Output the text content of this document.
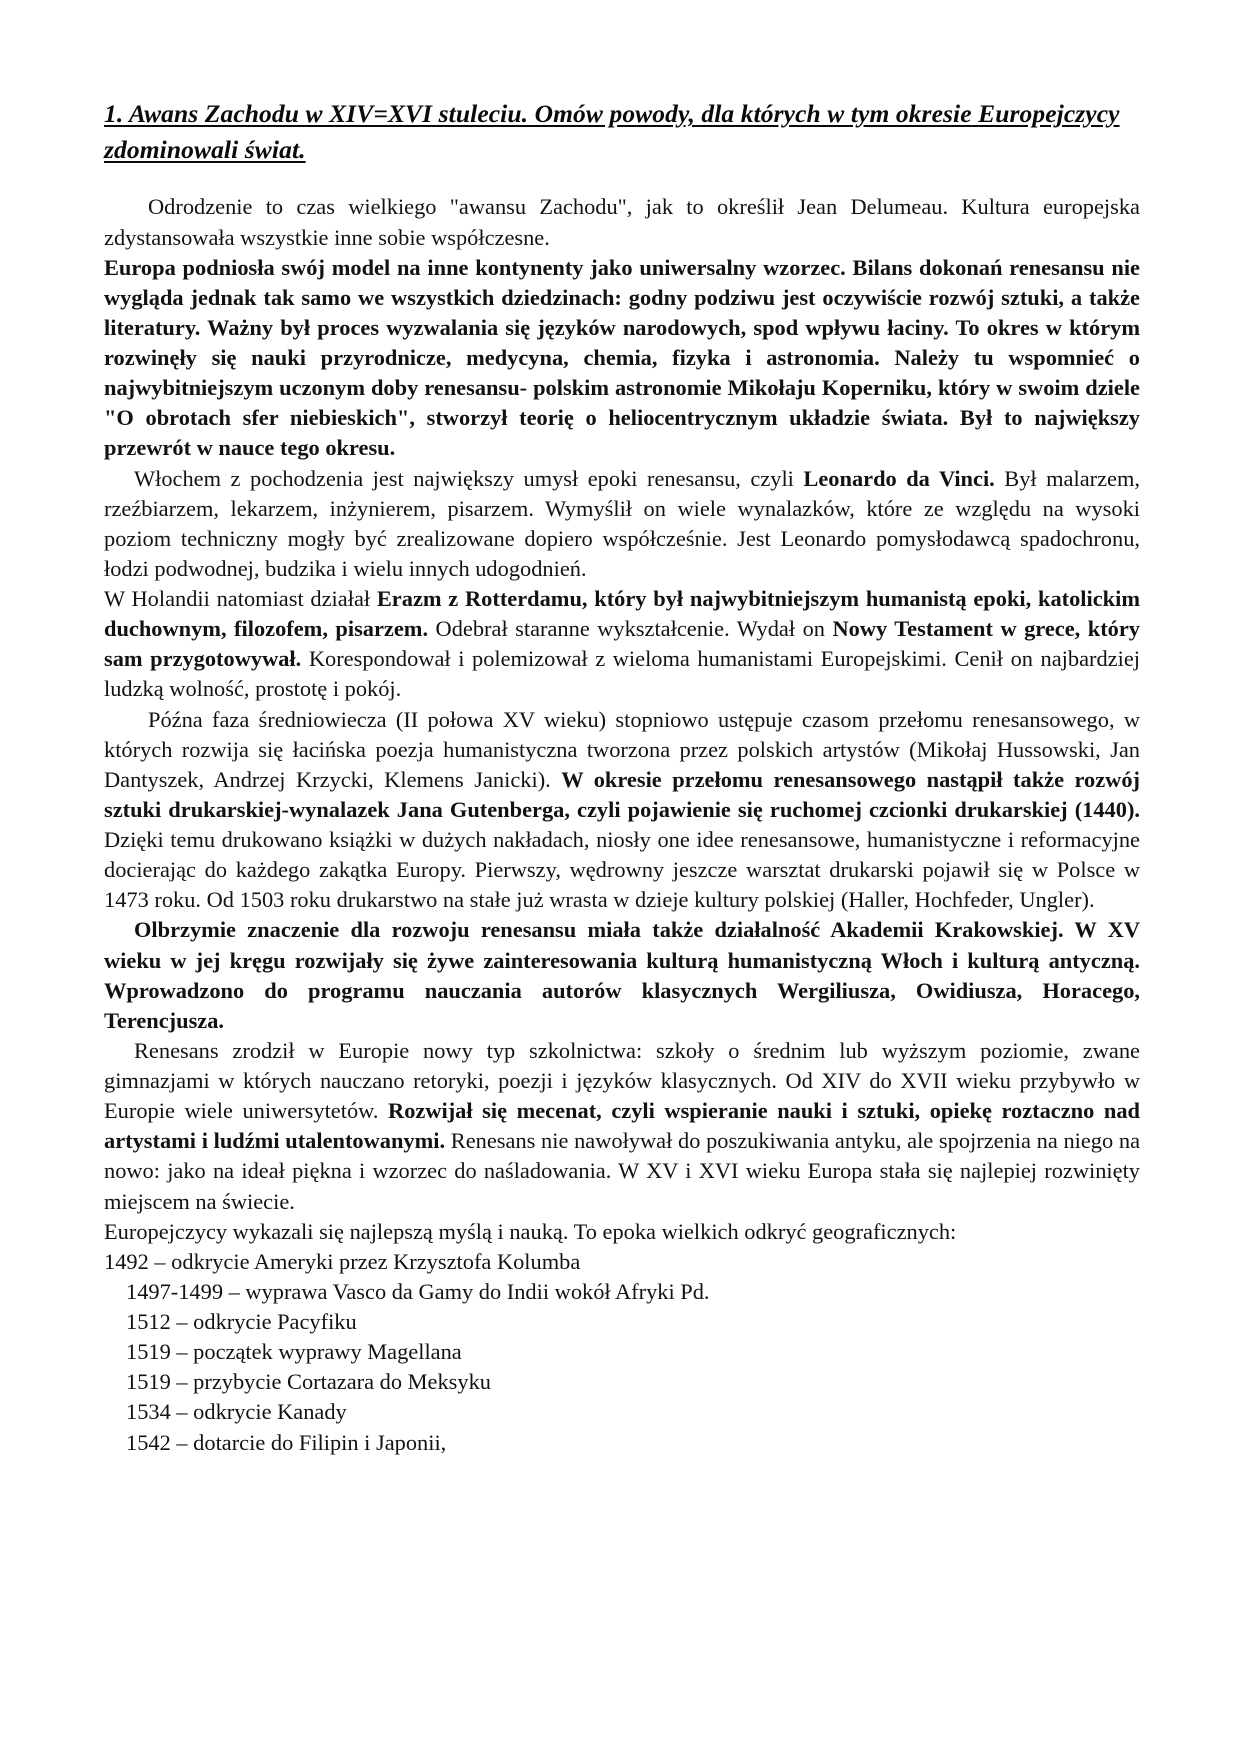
1. Awans Zachodu w XIV=XVI stuleciu. Omów powody, dla których w tym okresie Europejczycy zdominowali świat.

Odrodzenie to czas wielkiego "awansu Zachodu", jak to określił Jean Delumeau. Kultura europejska zdystansowała wszystkie inne sobie współczesne.

Europa podniosła swój model na inne kontynenty jako uniwersalny wzorzec. Bilans dokonań renesansu nie wygląda jednak tak samo we wszystkich dziedzinach: godny podziwu jest oczywiście rozwój sztuki, a także literatury. Ważny był proces wyzwalania się języków narodowych, spod wpływu łaciny. To okres w którym rozwinęły się nauki przyrodnicze, medycyna, chemia, fizyka i astronomia. Należy tu wspomnieć o najwybitniejszym uczonym doby renesansu- polskim astronomie Mikołaju Koperniku, który w swoim dziele "O obrotach sfer niebieskich", stworzył teorię o heliocentrycznym układzie świata. Był to największy przewrót w nauce tego okresu.

Włochem z pochodzenia jest największy umysł epoki renesansu, czyli Leonardo da Vinci. Był malarzem, rzeźbiarzem, lekarzem, inżynierem, pisarzem. Wymyślił on wiele wynalazków, które ze względu na wysoki poziom techniczny mogły być zrealizowane dopiero współcześnie. Jest Leonardo pomysłodawcą spadochronu, łodzi podwodnej, budzika i wielu innych udogodnień.

W Holandii natomiast działał Erazm z Rotterdamu, który był najwybitniejszym humanistą epoki, katolickim duchownym, filozofem, pisarzem. Odebrał staranne wykształcenie. Wydał on Nowy Testament w grece, który sam przygotowywał. Korespondował i polemizował z wieloma humanistami Europejskimi. Cenił on najbardziej ludzką wolność, prostotę i pokój.

Późna faza średniowiecza (II połowa XV wieku) stopniowo ustępuje czasom przełomu renesansowego, w których rozwija się łacińska poezja humanistyczna tworzona przez polskich artystów (Mikołaj Hussowski, Jan Dantyszek, Andrzej Krzycki, Klemens Janicki). W okresie przełomu renesansowego nastąpił także rozwój sztuki drukarskiej-wynalazek Jana Gutenberga, czyli pojawienie się ruchomej czcionki drukarskiej (1440). Dzięki temu drukowano książki w dużych nakładach, niosły one idee renesansowe, humanistyczne i reformacyjne docierając do każdego zakątka Europy. Pierwszy, wędrowny jeszcze warsztat drukarski pojawił się w Polsce w 1473 roku. Od 1503 roku drukarstwo na stałe już wrasta w dzieje kultury polskiej (Haller, Hochfeder, Ungler).

Olbrzymie znaczenie dla rozwoju renesansu miała także działalność Akademii Krakowskiej. W XV wieku w jej kręgu rozwijały się żywe zainteresowania kulturą humanistyczną Włoch i kulturą antyczną. Wprowadzono do programu nauczania autorów klasycznych Wergiliusza, Owidiusza, Horacego, Terencjusza.

Renesans zrodził w Europie nowy typ szkolnictwa: szkoły o średnim lub wyższym poziomie, zwane gimnazjami w których nauczano retoryki, poezji i języków klasycznych. Od XIV do XVII wieku przybywło w Europie wiele uniwersytetów. Rozwijał się mecenat, czyli wspieranie nauki i sztuki, opiekę roztaczno nad artystami i ludźmi utalentowanymi. Renesans nie nawoływał do poszukiwania antyku, ale spojrzenia na niego na nowo: jako na ideał piękna i wzorzec do naśladowania. W XV i XVI wieku Europa stała się najlepiej rozwinięty miejscem na świecie.

Europejczycy wykazali się najlepszą myślą i nauką. To epoka wielkich odkryć geograficznych:

1492 – odkrycie Ameryki przez Krzysztofa Kolumba

1497-1499 – wyprawa Vasco da Gamy do Indii wokół Afryki Pd.

1512 – odkrycie Pacyfiku

1519 – początek wyprawy Magellana

1519 – przybycie Cortazara do Meksyku

1534 – odkrycie Kanady

1542 – dotarcie do Filipin i Japonii,
